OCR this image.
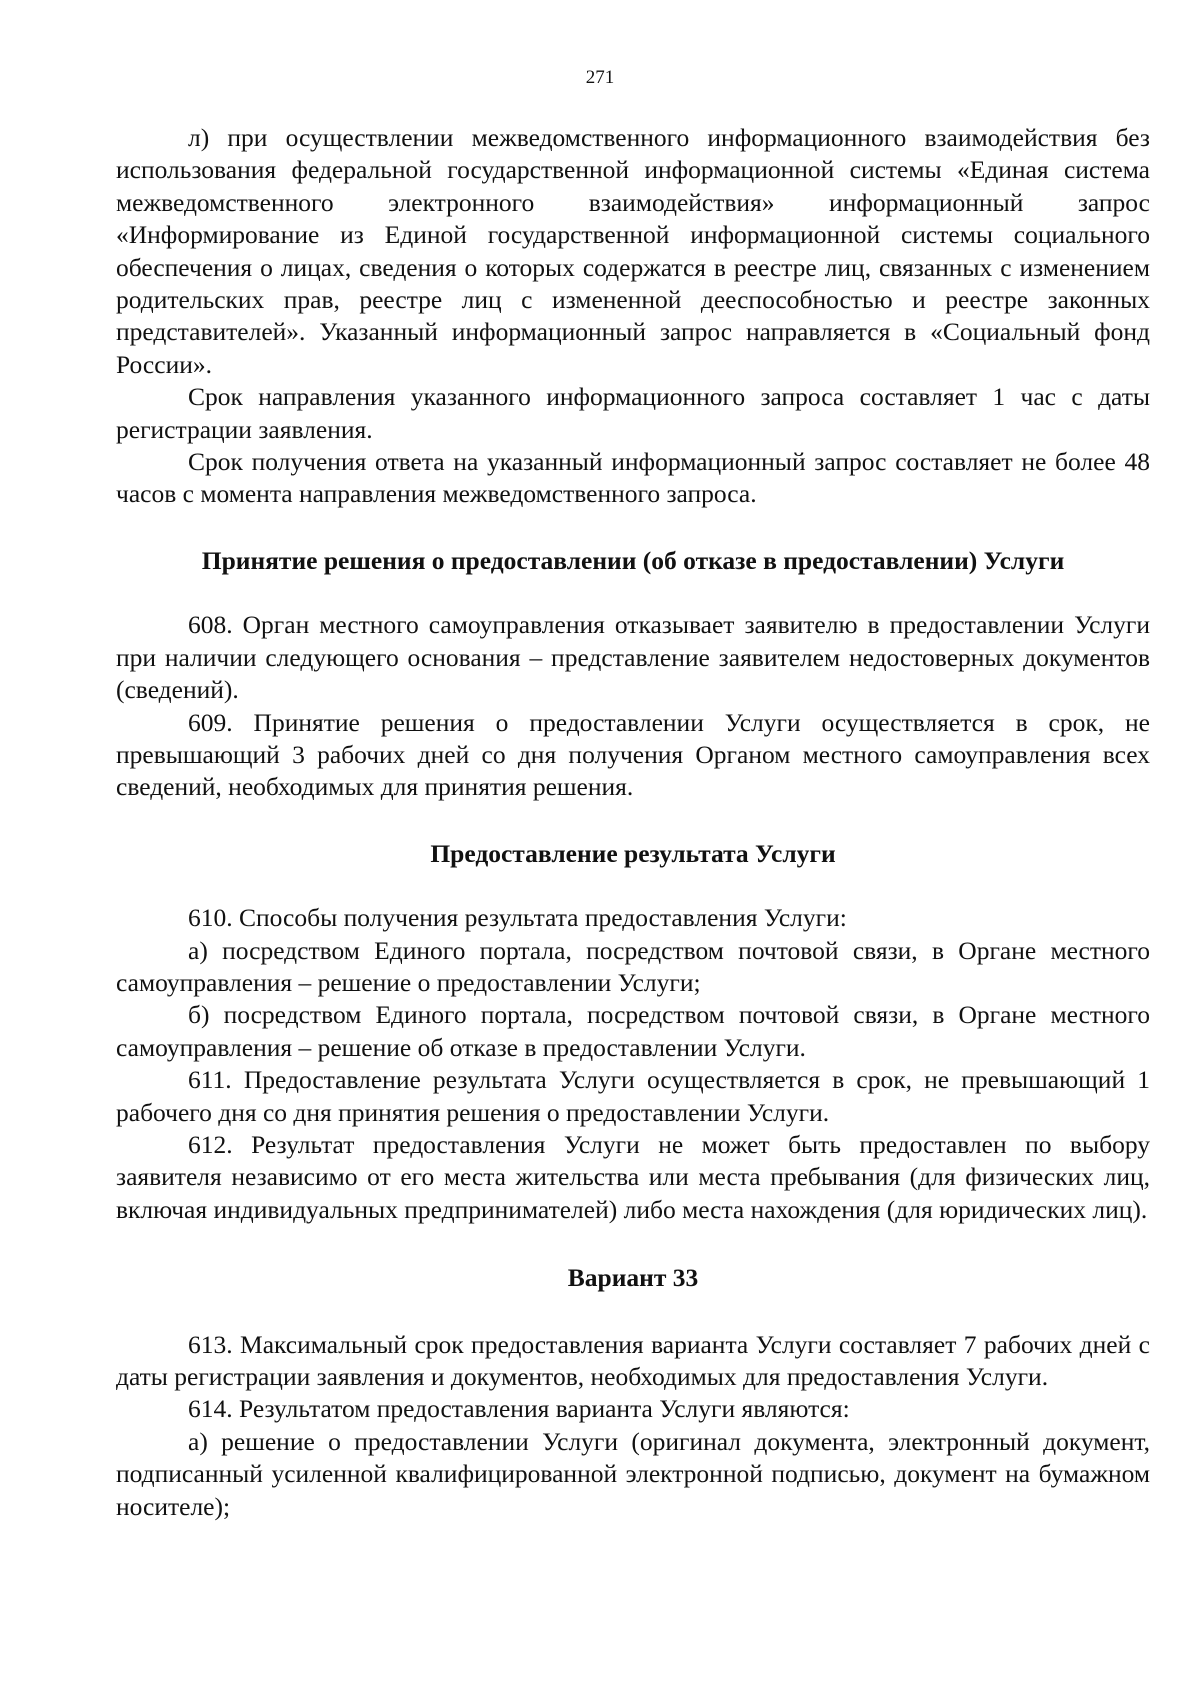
271

л) при осуществлении межведомственного информационного взаимодействия без использования федеральной государственной информационной системы «Единая система межведомственного электронного взаимодействия» информационный запрос «Информирование из Единой государственной информационной системы социального обеспечения о лицах, сведения о которых содержатся в реестре лиц, связанных с изменением родительских прав, реестре лиц с измененной дееспособностью и реестре законных представителей». Указанный информационный запрос направляется в «Социальный фонд России».

Срок направления указанного информационного запроса составляет 1 час с даты регистрации заявления.

Срок получения ответа на указанный информационный запрос составляет не более 48 часов с момента направления межведомственного запроса.

Принятие решения о предоставлении (об отказе в предоставлении) Услуги

608. Орган местного самоуправления отказывает заявителю в предоставлении Услуги при наличии следующего основания – представление заявителем недостоверных документов (сведений).

609. Принятие решения о предоставлении Услуги осуществляется в срок, не превышающий 3 рабочих дней со дня получения Органом местного самоуправления всех сведений, необходимых для принятия решения.

Предоставление результата Услуги

610. Способы получения результата предоставления Услуги:

а) посредством Единого портала, посредством почтовой связи, в Органе местного самоуправления – решение о предоставлении Услуги;

б) посредством Единого портала, посредством почтовой связи, в Органе местного самоуправления – решение об отказе в предоставлении Услуги.

611. Предоставление результата Услуги осуществляется в срок, не превышающий 1 рабочего дня со дня принятия решения о предоставлении Услуги.

612. Результат предоставления Услуги не может быть предоставлен по выбору заявителя независимо от его места жительства или места пребывания (для физических лиц, включая индивидуальных предпринимателей) либо места нахождения (для юридических лиц).

Вариант 33

613. Максимальный срок предоставления варианта Услуги составляет 7 рабочих дней с даты регистрации заявления и документов, необходимых для предоставления Услуги.

614. Результатом предоставления варианта Услуги являются:

а) решение о предоставлении Услуги (оригинал документа, электронный документ, подписанный усиленной квалифицированной электронной подписью, документ на бумажном носителе);
